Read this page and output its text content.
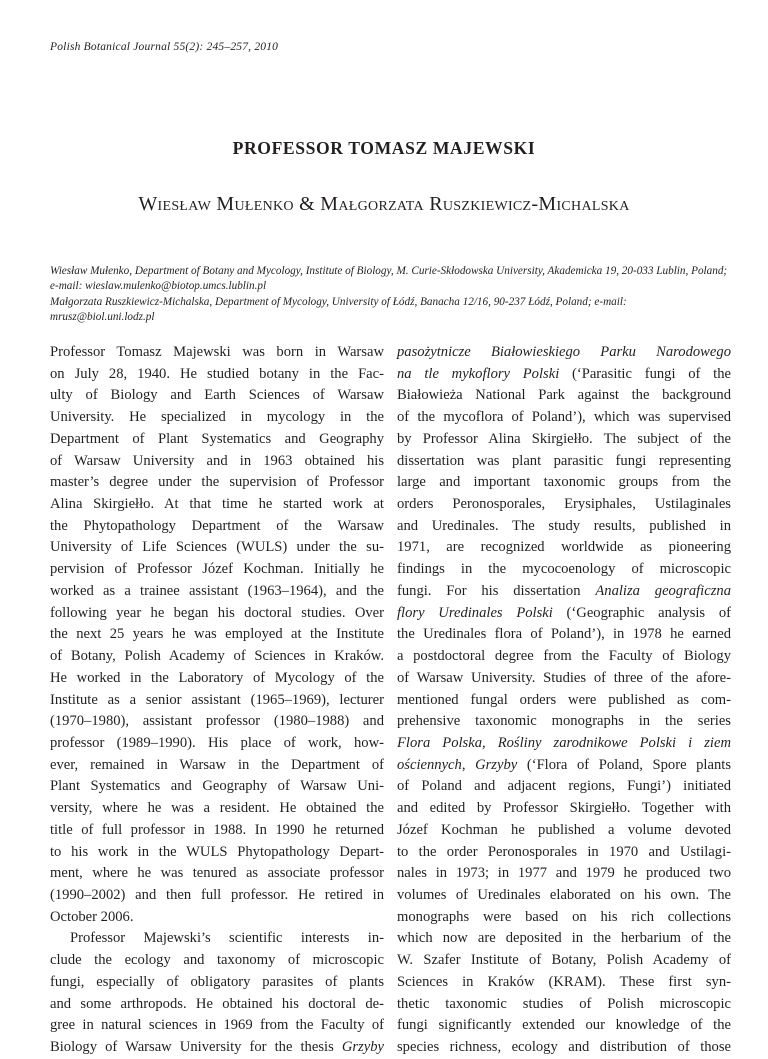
Polish Botanical Journal 55(2): 245–257, 2010
PROFESSOR TOMASZ MAJEWSKI
Wiesław Mułenko & Małgorzata Ruszkiewicz-Michalska

Wiesław Mułenko, Department of Botany and Mycology, Institute of Biology, M. Curie-Skłodowska University, Akademicka 19, 20-033 Lublin, Poland; e-mail: wieslaw.mulenko@biotop.umcs.lublin.pl

Małgorzata Ruszkiewicz-Michalska, Department of Mycology, University of Łódź, Banacha 12/16, 90-237 Łódź, Poland; e-mail: mrusz@biol.uni.lodz.pl

Professor Tomasz Majewski was born in Warsaw
on July 28, 1940. He studied botany in the Fac-
ulty of Biology and Earth Sciences of Warsaw
University. He specialized in mycology in the
Department of Plant Systematics and Geography
of Warsaw University and in 1963 obtained his
master’s degree under the supervision of Professor
Alina Skirgiełło. At that time he started work at
the Phytopathology Department of the Warsaw
University of Life Sciences (WULS) under the su-
pervision of Professor Józef Kochman. Initially he
worked as a trainee assistant (1963–1964), and the
following year he began his doctoral studies. Over
the next 25 years he was employed at the Institute
of Botany, Polish Academy of Sciences in Kraków.
He worked in the Laboratory of Mycology of the
Institute as a senior assistant (1965–1969), lecturer
(1970–1980), assistant professor (1980–1988) and
professor (1989–1990). His place of work, how-
ever, remained in Warsaw in the Department of
Plant Systematics and Geography of Warsaw Uni-
versity, where he was a resident. He obtained the
title of full professor in 1988. In 1990 he returned
to his work in the WULS Phytopathology Depart-
ment, where he was tenured as associate professor
(1990–2002) and then full professor. He retired in
October 2006.

Professor Majewski’s scientific interests in-
clude the ecology and taxonomy of microscopic
fungi, especially of obligatory parasites of plants
and some arthropods. He obtained his doctoral de-
gree in natural sciences in 1969 from the Faculty of
Biology of Warsaw University for the thesis Grzyby

pasożytnicze Białowieskiego Parku Narodowego
na tle mykoflory Polski (‘Parasitic fungi of the
Białowieża National Park against the background
of the mycoflora of Poland’), which was supervised
by Professor Alina Skirgiełło. The subject of the
dissertation was plant parasitic fungi representing
large and important taxonomic groups from the
orders Peronosporales, Erysiphales, Ustilaginales
and Uredinales. The study results, published in
1971, are recognized worldwide as pioneering
findings in the mycocoenology of microscopic
fungi. For his dissertation Analiza geograficzna
flory Uredinales Polski (‘Geographic analysis of
the Uredinales flora of Poland’), in 1978 he earned
a postdoctoral degree from the Faculty of Biology
of Warsaw University. Studies of three of the afore-
mentioned fungal orders were published as com-
prehensive taxonomic monographs in the series
Flora Polska, Rośliny zarodnikowe Polski i ziem
ościennych, Grzyby (‘Flora of Poland, Spore plants
of Poland and adjacent regions, Fungi’) initiated
and edited by Professor Skirgiełło. Together with
Józef Kochman he published a volume devoted
to the order Peronosporales in 1970 and Ustilagi-
nales in 1973; in 1977 and 1979 he produced two
volumes of Uredinales elaborated on his own. The
monographs were based on his rich collections
which now are deposited in the herbarium of the
W. Szafer Institute of Botany, Polish Academy of
Sciences in Kraków (KRAM). These first syn-
thetic taxonomic studies of Polish microscopic
fungi significantly extended our knowledge of the
species richness, ecology and distribution of those
